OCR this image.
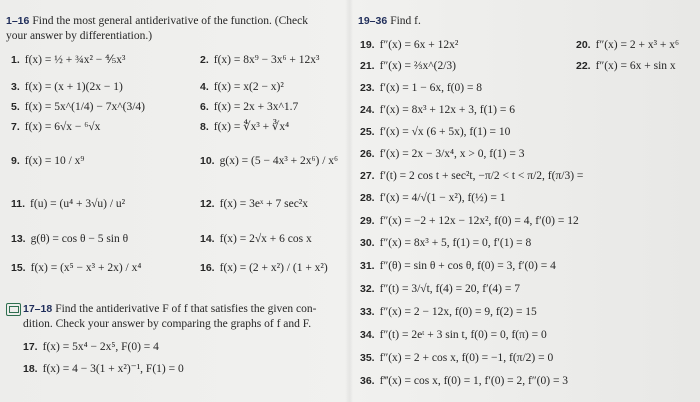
1–16 Find the most general antiderivative of the function. (Check
your answer by differentiation.)
1. f(x) = ½ + ¾x² − ⅘x³	2. f(x) = 8x⁹ − 3x⁶ + 12x³
3. f(x) = (x + 1)(2x − 1)	4. f(x) = x(2 − x)²
5. f(x) = 5x^(1/4) − 7x^(3/4)	6. f(x) = 2x + 3x^1.7
7. f(x) = 6√x − ⁶√x	8. f(x) = ∜x³ + ∛x⁴
9. f(x) = 10 / x⁹	10. g(x) = (5 − 4x³ + 2x⁶) / x⁶
11. f(u) = (u⁴ + 3√u) / u²	12. f(x) = 3eˣ + 7 sec²x
13. g(θ) = cos θ − 5 sin θ	14. f(x) = 2√x + 6 cos x
15. f(x) = (x⁵ − x³ + 2x) / x⁴	16. f(x) = (2 + x²) / (1 + x²)
17–18 Find the antiderivative F of f that satisfies the given con-
dition. Check your answer by comparing the graphs of f and F.
17. f(x) = 5x⁴ − 2x⁵, F(0) = 4
18. f(x) = 4 − 3(1 + x²)⁻¹, F(1) = 0
19–36 Find f.
19. f″(x) = 6x + 12x²	20. f″(x) = 2 + x³ + x⁶
21. f″(x) = ⅔x^(2/3)	22. f″(x) = 6x + sin x
23. f′(x) = 1 − 6x, f(0) = 8
24. f′(x) = 8x³ + 12x + 3, f(1) = 6
25. f′(x) = √x (6 + 5x), f(1) = 10
26. f′(x) = 2x − 3/x⁴, x > 0, f(1) = 3
27. f′(t) = 2 cos t + sec²t, −π/2 < t < π/2, f(π/3) =
28. f′(x) = 4/√(1 − x²), f(½) = 1
29. f″(x) = −2 + 12x − 12x², f(0) = 4, f′(0) = 12
30. f″(x) = 8x³ + 5, f(1) = 0, f′(1) = 8
31. f″(θ) = sin θ + cos θ, f(0) = 3, f′(0) = 4
32. f″(t) = 3/√t, f(4) = 20, f′(4) = 7
33. f″(x) = 2 − 12x, f(0) = 9, f(2) = 15
34. f″(t) = 2eᵗ + 3 sin t, f(0) = 0, f(π) = 0
35. f″(x) = 2 + cos x, f(0) = −1, f(π/2) = 0
36. f‴(x) = cos x, f(0) = 1, f′(0) = 2, f″(0) = 3
